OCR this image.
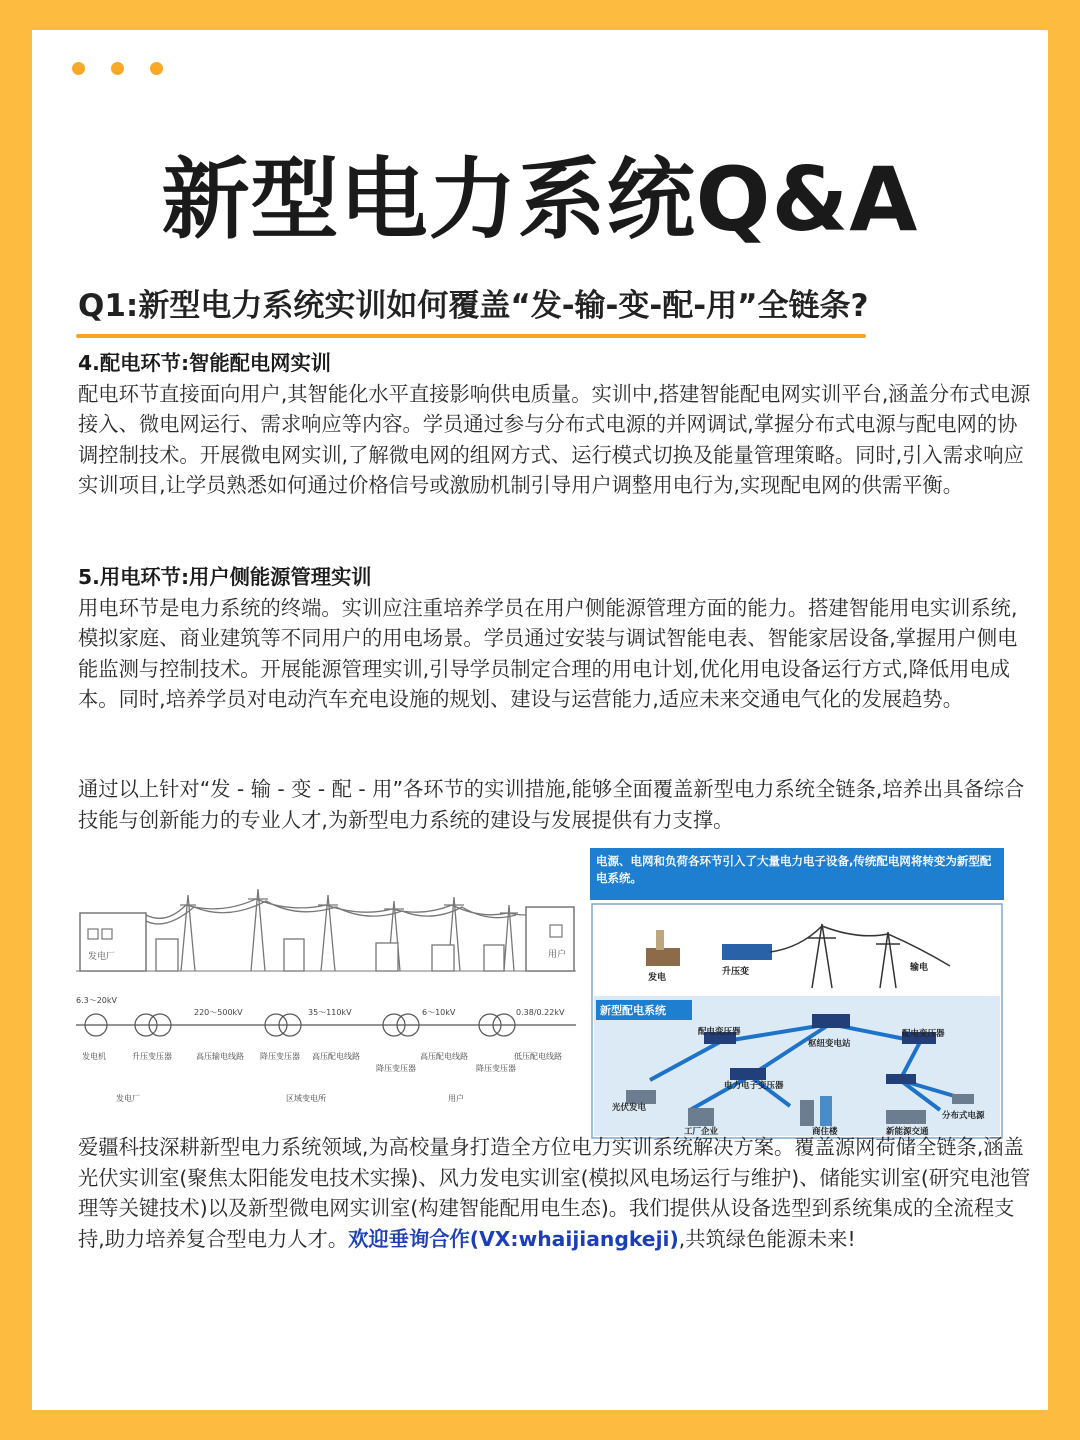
新型电力系统Q&A
Q1:新型电力系统实训如何覆盖“发-输-变-配-用”全链条?
4.配电环节:智能配电网实训
配电环节直接面向用户,其智能化水平直接影响供电质量。实训中,搭建智能配电网实训平台,涵盖分布式电源接入、微电网运行、需求响应等内容。学员通过参与分布式电源的并网调试,掌握分布式电源与配电网的协调控制技术。开展微电网实训,了解微电网的组网方式、运行模式切换及能量管理策略。同时,引入需求响应实训项目,让学员熟悉如何通过价格信号或激励机制引导用户调整用电行为,实现配电网的供需平衡。
5.用电环节:用户侧能源管理实训
用电环节是电力系统的终端。实训应注重培养学员在用户侧能源管理方面的能力。搭建智能用电实训系统,模拟家庭、商业建筑等不同用户的用电场景。学员通过安装与调试智能电表、智能家居设备,掌握用户侧电能监测与控制技术。开展能源管理实训,引导学员制定合理的用电计划,优化用电设备运行方式,降低用电成本。同时,培养学员对电动汽车充电设施的规划、建设与运营能力,适应未来交通电气化的发展趋势。
通过以上针对“发 - 输 - 变 - 配 - 用”各环节的实训措施,能够全面覆盖新型电力系统全链条,培养出具备综合技能与创新能力的专业人才,为新型电力系统的建设与发展提供有力支撑。
发电厂	用户
6.3～20kV
220～500kV	35～110kV	6～10kV	0.38/0.22kV
发电机	升压变压器	高压输电线路 降压变压器 高压配电线路
降压变压器
高压配电线路
降压变压器
低压配电线路
发电厂	区域变电所	用户
电源、电网和负荷各环节引入了大量电力电子设备,传统配电网将转变为新型配电系统。
发电
升压变	输电
新型配电系统
配电变压器
枢纽变电站
配电变压器
电力电子变压器
光伏发电
工厂企业	商住楼	新能源交通
分布式电源
爱疆科技深耕新型电力系统领域,为高校量身打造全方位电力实训系统解决方案。覆盖源网荷储全链条,涵盖光伏实训室(聚焦太阳能发电技术实操)、风力发电实训室(模拟风电场运行与维护)、储能实训室(研究电池管理等关键技术)以及新型微电网实训室(构建智能配用电生态)。我们提供从设备选型到系统集成的全流程支持,助力培养复合型电力人才。欢迎垂询合作(VX:whaijiangkeji),共筑绿色能源未来!
